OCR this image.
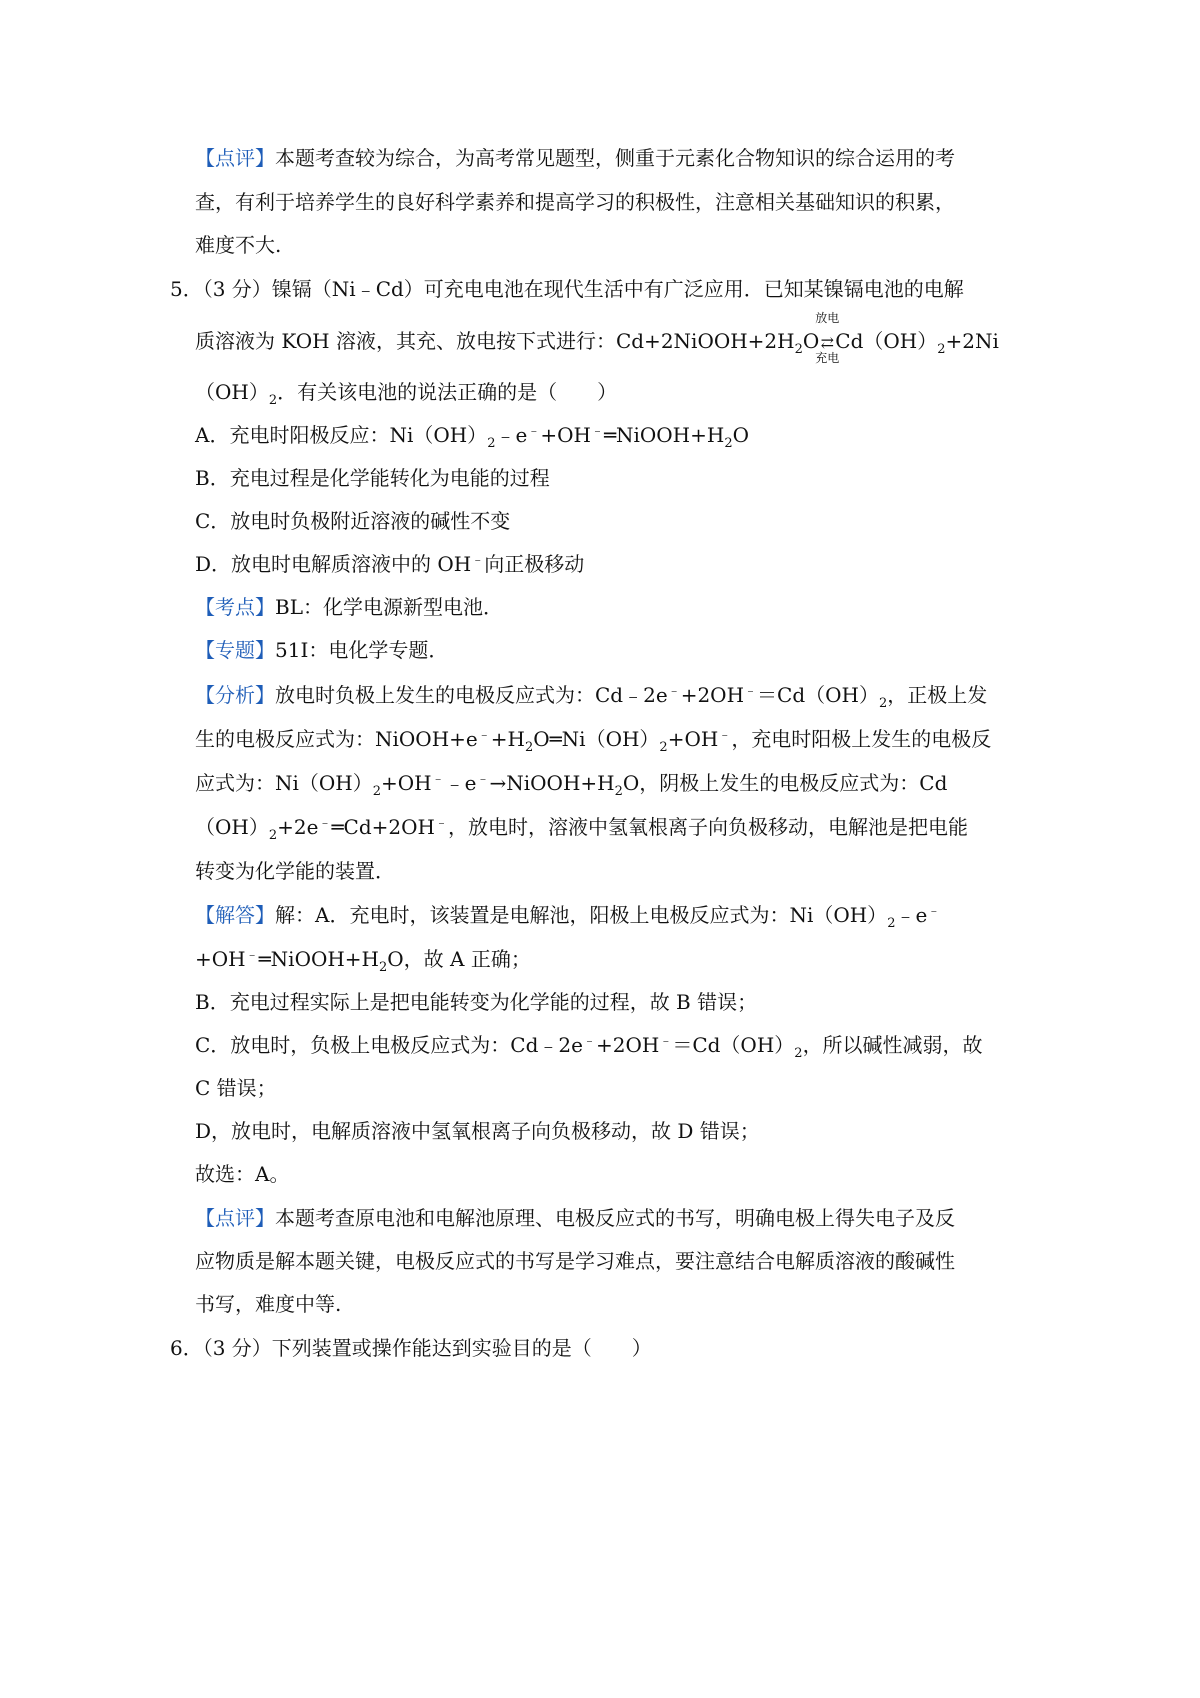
【点评】本题考查较为综合，为高考常见题型，侧重于元素化合物知识的综合运用的考
查，有利于培养学生的良好科学素养和提高学习的积极性，注意相关基础知识的积累，
难度不大.
5．（3 分）镍镉（Ni﹣Cd）可充电电池在现代生活中有广泛应用．已知某镍镉电池的电解
质溶液为 KOH 溶液，其充、放电按下式进行：$Cd+2NiOOH+2H_2O$
放电
⇄
充电
$Cd(OH)_2+2Ni$
$(OH)_2$．有关该电池的说法正确的是（　　）
A．充电时阳极反应：$Ni(OH)_2﹣e^﹣+OH^﹣═NiOOH+H_2O$
B．充电过程是化学能转化为电能的过程
C．放电时负极附近溶液的碱性不变
D．放电时电解质溶液中的 OH﹣向正极移动
【考点】BL：化学电源新型电池．
【专题】51I：电化学专题．
【分析】放电时负极上发生的电极反应式为：$Cd﹣2e^﹣+2OH^﹣=Cd(OH)_2$，正极上发
生的电极反应式为：$NiOOH+e^﹣+H_2O═Ni(OH)_2+OH^﹣$，充电时阳极上发生的电极反
应式为：$Ni(OH)_2+OH^﹣﹣e^﹣\to NiOOH+H_2O$，阴极上发生的电极反应式为：Cd
$(OH)_2+2e^﹣═Cd+2OH^﹣$，放电时，溶液中氢氧根离子向负极移动，电解池是把电能
转变为化学能的装置．
【解答】解：A．充电时，该装置是电解池，阳极上电极反应式为：$Ni(OH)_2﹣e^﹣$
$+OH^﹣═NiOOH+H_2O$，故 A 正确；
B．充电过程实际上是把电能转变为化学能的过程，故 B 错误；
C．放电时，负极上电极反应式为：$Cd﹣2e^﹣+2OH^﹣=Cd(OH)_2$，所以碱性减弱，故
C 错误；
D，放电时，电解质溶液中氢氧根离子向负极移动，故 D 错误；
故选：A。
【点评】本题考查原电池和电解池原理、电极反应式的书写，明确电极上得失电子及反
应物质是解本题关键，电极反应式的书写是学习难点，要注意结合电解质溶液的酸碱性
书写，难度中等.
6．（3 分）下列装置或操作能达到实验目的是（　　）
